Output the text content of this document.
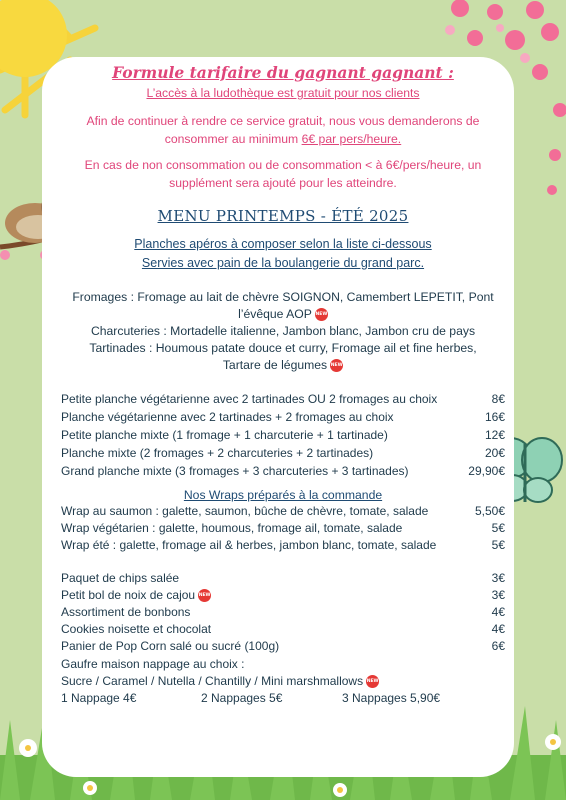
Formule tarifaire du gagnant gagnant :
L’accès à la ludothèque est gratuit pour nos clients
Afin de continuer à rendre ce service gratuit, nous vous demanderons de
consommer au minimum 6€ par pers/heure.
En cas de non consommation ou de consommation < à 6€/pers/heure, un
supplément sera ajouté pour les atteindre.
MENU PRINTEMPS - ÉTÉ 2025
Planches apéros à composer selon la liste ci-dessous
Servies avec pain de la boulangerie du grand parc.
Fromages : Fromage au lait de chèvre SOIGNON, Camembert LEPETIT, Pont
l’évêque AOP NEW
Charcuteries : Mortadelle italienne, Jambon blanc, Jambon cru de pays
Tartinades : Houmous patate douce et curry, Fromage ail et fine herbes,
Tartare de légumes NEW
Petite planche végétarienne avec 2 tartinades OU 2 fromages au choix	8€
Planche végétarienne avec 2 tartinades + 2 fromages au choix	16€
Petite planche mixte (1 fromage + 1 charcuterie + 1 tartinade)	12€
Planche mixte (2 fromages + 2 charcuteries + 2 tartinades)	20€
Grand planche mixte (3 fromages + 3 charcuteries + 3 tartinades)	29,90€
Nos Wraps préparés à la commande
Wrap au saumon : galette, saumon, bûche de chèvre, tomate, salade	5,50€
Wrap végétarien : galette, houmous, fromage ail, tomate, salade	5€
Wrap été : galette, fromage ail & herbes, jambon blanc, tomate, salade	5€
Paquet de chips salée	3€
Petit bol de noix de cajou NEW	3€
Assortiment de bonbons	4€
Cookies noisette et chocolat	4€
Panier de Pop Corn salé ou sucré (100g)	6€
Gaufre maison nappage au choix :
Sucre / Caramel / Nutella / Chantilly / Mini marshmallows NEW
1 Nappage 4€	2 Nappages 5€	3 Nappages 5,90€
